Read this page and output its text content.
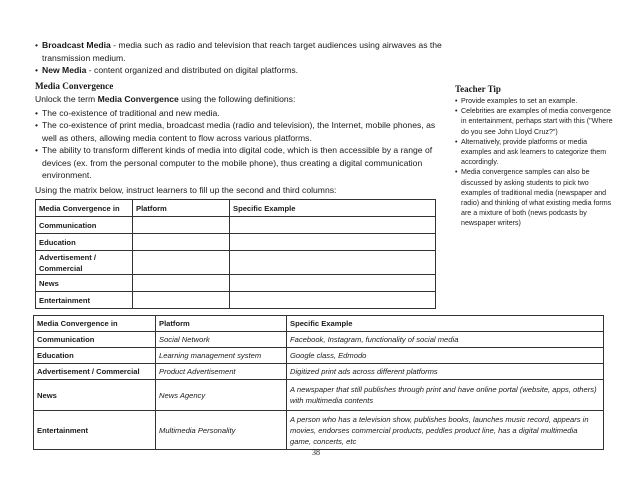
• Broadcast Media - media such as radio and television that reach target audiences using airwaves as the transmission medium.
• New Media - content organized and distributed on digital platforms.
Media Convergence
Unlock the term Media Convergence using the following definitions:
• The co-existence of traditional and new media.
• The co-existence of print media, broadcast media (radio and television), the Internet, mobile phones, as well as others, allowing media content to flow across various platforms.
• The ability to transform different kinds of media into digital code, which is then accessible by a range of devices (ex. from the personal computer to the mobile phone), thus creating a digital communication environment.
Using the matrix below, instruct learners to fill up the second and third columns:
Media Convergence in	Platform	Specific Example
Communication		
Education		
Advertisement / Commercial		
News		
Entertainment		
Teacher Tip
• Provide examples to set an example.
• Celebrities are examples of media convergence in entertainment, perhaps start with this ("Where do you see John Lloyd Cruz?")
• Alternatively, provide platforms or media examples and ask learners to categorize them accordingly.
• Media convergence samples can also be discussed by asking students to pick two examples of traditional media (newspaper and radio) and thinking of what existing media forms are a mixture of both (news podcasts by newspaper writers)
Media Convergence in	Platform	Specific Example
Communication	Social Network	Facebook, Instagram, functionality of social media
Education	Learning management system	Google class, Edmodo
Advertisement / Commercial	Product Advertisement	Digitized print ads across different platforms
News	News Agency	A newspaper that still publishes through print and have online portal (website, apps, others) with multimedia contents
Entertainment	Multimedia Personality	A person who has a television show, publishes books, launches music record, appears in movies, endorses commercial products, peddles product line, has a digital multimedia game, concerts, etc
38
